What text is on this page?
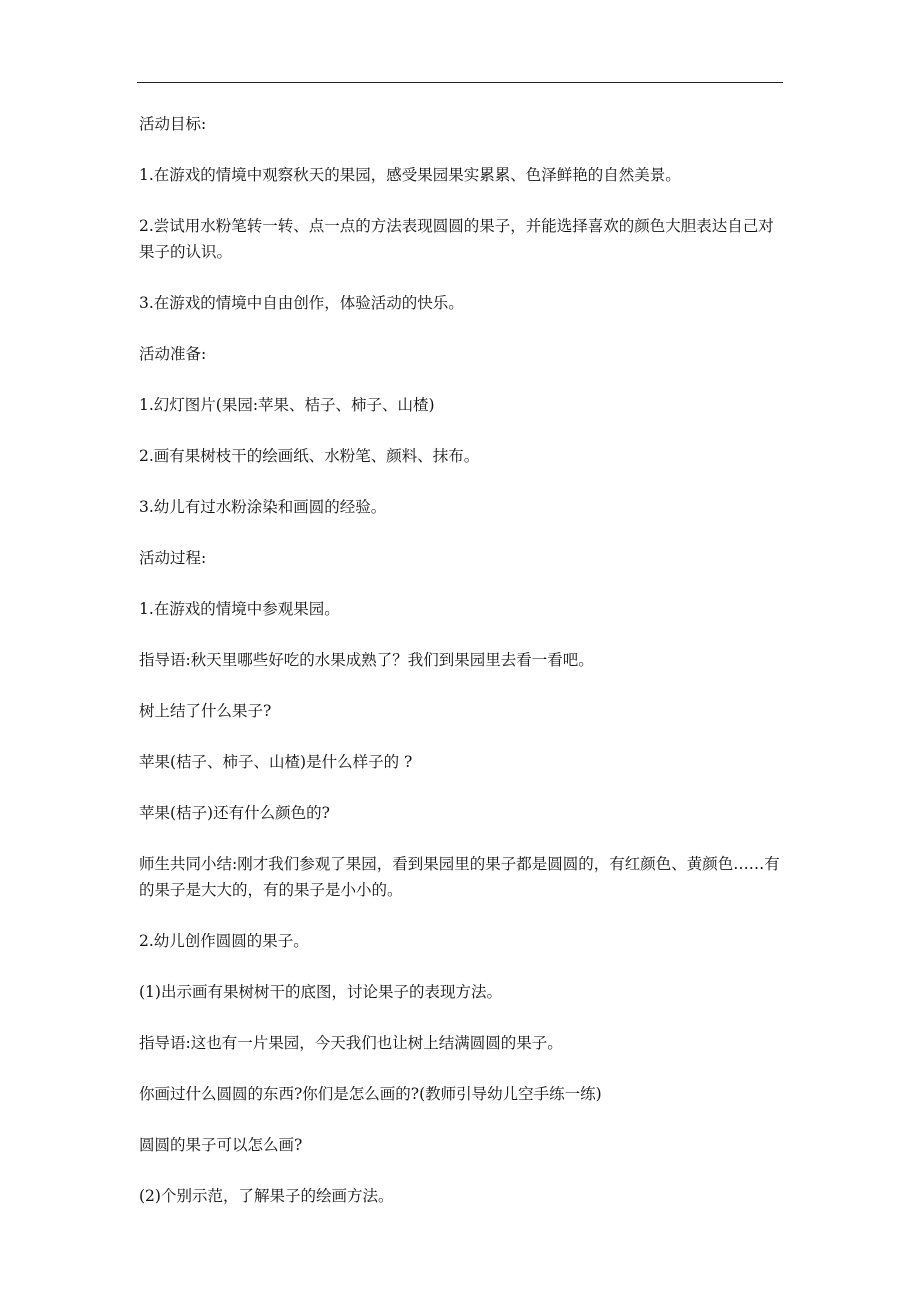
活动目标:

1.在游戏的情境中观察秋天的果园，感受果园果实累累、色泽鲜艳的自然美景。

2.尝试用水粉笔转一转、点一点的方法表现圆圆的果子，并能选择喜欢的颜色大胆表达自己对果子的认识。

3.在游戏的情境中自由创作，体验活动的快乐。

活动准备:

1.幻灯图片(果园:苹果、桔子、柿子、山楂)

2.画有果树枝干的绘画纸、水粉笔、颜料、抹布。

3.幼儿有过水粉涂染和画圆的经验。

活动过程:

1.在游戏的情境中参观果园。

指导语:秋天里哪些好吃的水果成熟了？我们到果园里去看一看吧。

树上结了什么果子?

苹果(桔子、柿子、山楂)是什么样子的 ?

苹果(桔子)还有什么颜色的?

师生共同小结:刚才我们参观了果园，看到果园里的果子都是圆圆的，有红颜色、黄颜色……有的果子是大大的，有的果子是小小的。

2.幼儿创作圆圆的果子。

(1)出示画有果树树干的底图，讨论果子的表现方法。

指导语:这也有一片果园，今天我们也让树上结满圆圆的果子。

你画过什么圆圆的东西?你们是怎么画的?(教师引导幼儿空手练一练)

圆圆的果子可以怎么画?

(2)个别示范，了解果子的绘画方法。
